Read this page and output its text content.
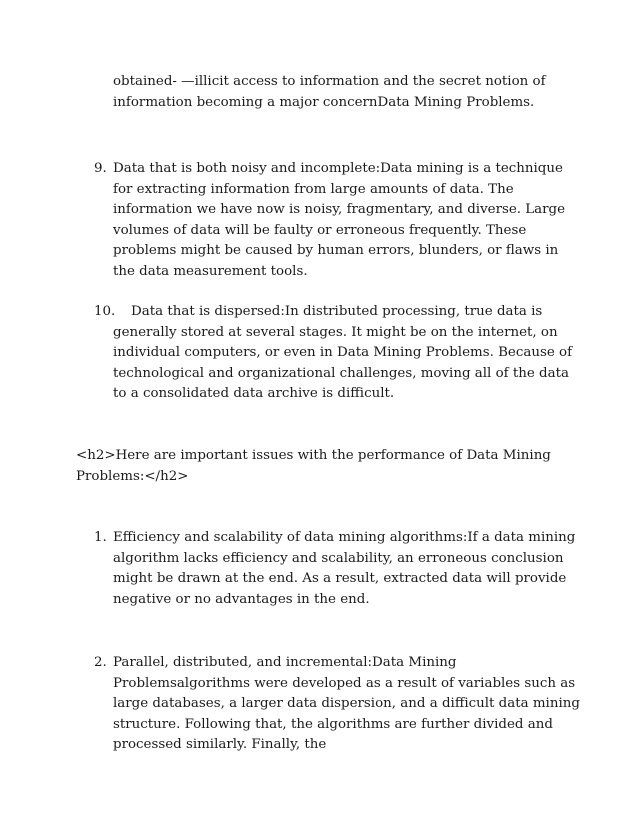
obtained- —illicit access to information and the secret notion of information becoming a major concernData Mining Problems.

9. Data that is both noisy and incomplete:Data mining is a technique for extracting information from large amounts of data. The information we have now is noisy, fragmentary, and diverse. Large volumes of data will be faulty or erroneous frequently. These problems might be caused by human errors, blunders, or flaws in the data measurement tools.

10.	Data that is dispersed:In distributed processing, true data is generally stored at several stages. It might be on the internet, on individual computers, or even in Data Mining Problems. Because of technological and organizational challenges, moving all of the data to a consolidated data archive is difficult.

<h2>Here are important issues with the performance of Data Mining Problems:</h2>

1. Efficiency and scalability of data mining algorithms:If a data mining algorithm lacks efficiency and scalability, an erroneous conclusion might be drawn at the end. As a result, extracted data will provide negative or no advantages in the end.

2. Parallel, distributed, and incremental:Data Mining Problemsalgorithms were developed as a result of variables such as large databases, a larger data dispersion, and a difficult data mining structure. Following that, the algorithms are further divided and processed similarly. Finally, the
